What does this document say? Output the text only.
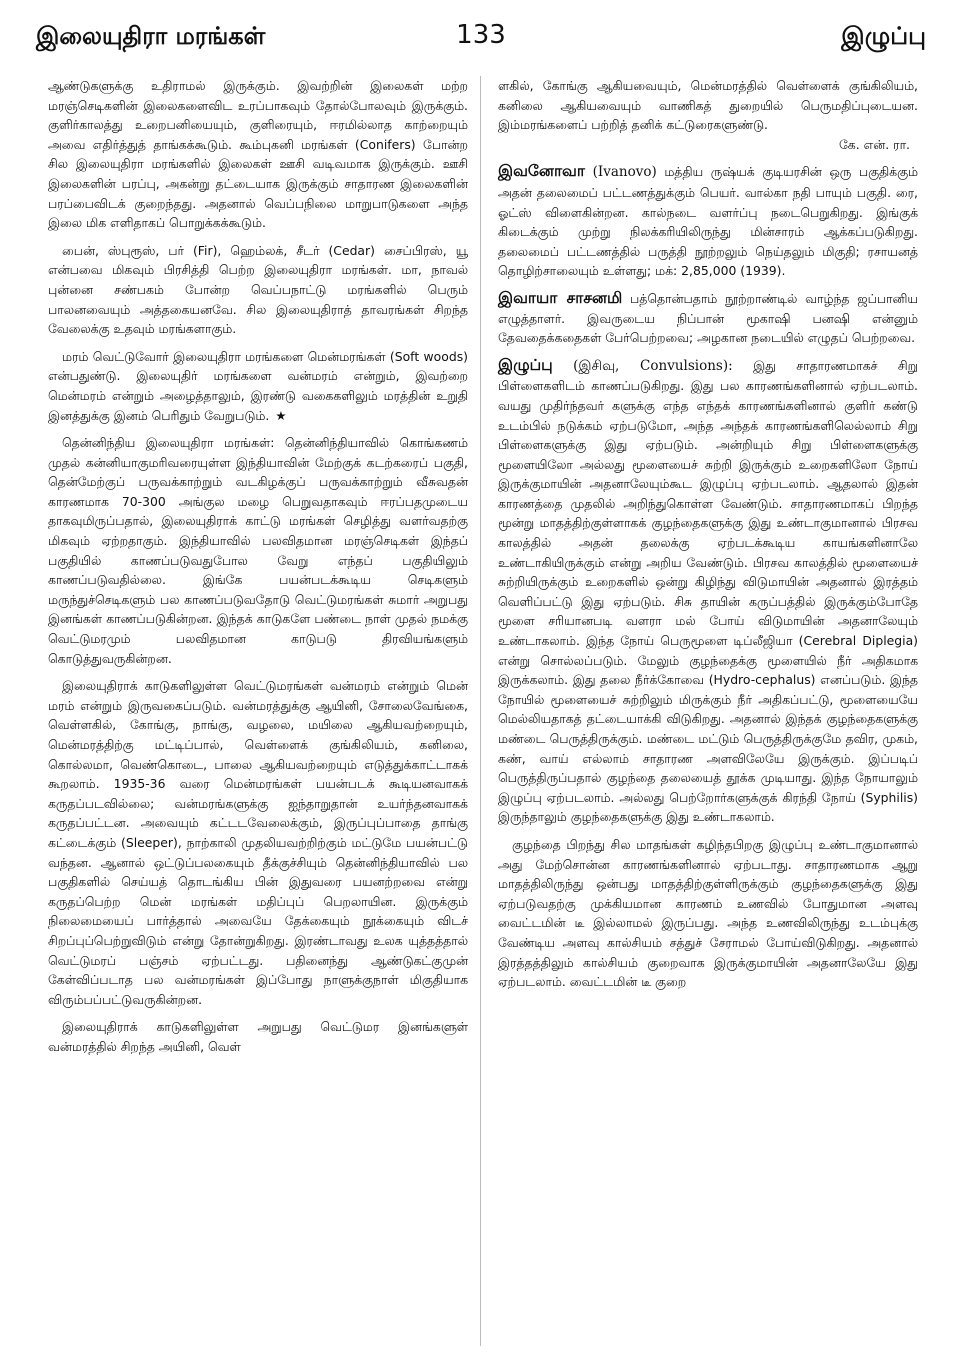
இலையுதிரா மரங்கள்	133	இழுப்பு

ஆண்டுகளுக்கு உதிராமல் இருக்கும். இவற்றின் இலைகள் மற்ற மரஞ்செடிகளின் இலைகளைவிட உரப்பாகவும் தோல்போலவும் இருக்கும். குளிர்காலத்து உறைபனியையும், குளிரையும், ஈரமில்லாத காற்றையும் அவை எதிர்த்துத் தாங்கக்கூடும். கூம்புகனி மரங்கள் (Conifers) போன்ற சில இலையுதிரா மரங்களில் இலைகள் ஊசி வடிவமாக இருக்கும். ஊசி இலைகளின் பரப்பு, அகன்று தட்டையாக இருக்கும் சாதாரண இலைகளின் பரப்பைவிடக் குறைந்தது. அதனால் வெப்பநிலை மாறுபாடுகளை அந்த இலை மிக எளிதாகப் பொறுக்கக்கூடும்.

பைன், ஸ்புரூஸ், பர் (Fir), ஹெம்லக், சீடர் (Cedar) சைப்பிரஸ், யூ என்பவை மிகவும் பிரசித்தி பெற்ற இலையுதிரா மரங்கள். மா, நாவல் புன்னை சண்பகம் போன்ற வெப்பநாட்டு மரங்களில் பெரும் பாலனவையும் அத்தகையனவே. சில இலையுதிராத் தாவரங்கள் சிறந்த வேலைக்கு உதவும் மரங்களாகும்.

மரம் வெட்டுவோர் இலையுதிரா மரங்களை மென்மரங்கள் (Soft woods) என்பதுண்டு. இலையுதிர் மரங்களை வன்மரம் என்றும், இவற்றை மென்மரம் என்றும் அழைத்தாலும், இரண்டு வகைகளிலும் மரத்தின் உறுதி இனத்துக்கு இனம் பெரிதும் வேறுபடும். ★

தென்னிந்திய இலையுதிரா மரங்கள்: தென்னிந்தியாவில் கொங்கணம் முதல் கன்னியாகுமரிவரையுள்ள இந்தியாவின் மேற்குக் கடற்கரைப் பகுதி, தென்மேற்குப் பருவக்காற்றும் வடகிழக்குப் பருவக்காற்றும் வீசுவதன் காரணமாக 70-300 அங்குல மழை பெறுவதாகவும் ஈரப்பதமுடைய தாகவுமிருப்பதால், இலையுதிராக் காட்டு மரங்கள் செழித்து வளர்வதற்கு மிகவும் ஏற்றதாகும். இந்தியாவில் பலவிதமான மரஞ்செடிகள் இந்தப் பகுதியில் காணப்படுவதுபோல வேறு எந்தப் பகுதியிலும் காணப்படுவதில்லை. இங்கே பயன்படக்கூடிய செடிகளும் மருந்துச்செடிகளும் பல காணப்படுவதோடு வெட்டுமரங்கள் சுமார் அறுபது இனங்கள் காணப்படுகின்றன. இந்தக் காடுகளே பண்டை நாள் முதல் நமக்கு வெட்டுமரமும் பலவிதமான காடுபடு திரவியங்களும் கொடுத்துவருகின்றன.

இலையுதிராக் காடுகளிலுள்ள வெட்டுமரங்கள் வன்மரம் என்றும் மென் மரம் என்றும் இருவகைப்படும். வன்மரத்துக்கு ஆயினி, சோலைவேங்கை, வெள்ளகில், கோங்கு, நாங்கு, வழலை, மயிலை ஆகியவற்றையும், மென்மரத்திற்கு மட்டிப்பால், வெள்ளைக் குங்கிலியம், கனிலை, கொல்லமா, வெண்கொடை, பாலை ஆகியவற்றையும் எடுத்துக்காட்டாகக் கூறலாம். 1935-36 வரை மென்மரங்கள் பயன்படக் கூடியனவாகக் கருதப்படவில்லை; வன்மரங்களுக்கு ஐந்தாறுதான் உயர்ந்தனவாகக் கருதப்பட்டன. அவையும் கட்டடவேலைக்கும், இருப்புப்பாதை தாங்கு கட்டைக்கும் (Sleeper), நாற்காலி முதலியவற்றிற்கும் மட்டுமே பயன்பட்டு வந்தன. ஆனால் ஒட்டுப்பலகையும் தீக்குச்சியும் தென்னிந்தியாவில் பல பகுதிகளில் செய்யத் தொடங்கிய பின் இதுவரை பயனற்றவை என்று கருதப்பெற்ற மென் மரங்கள் மதிப்புப் பெறலாயின. இருக்கும் நிலைமையைப் பார்த்தால் அவையே தேக்கையும் நூக்கையும் விடச் சிறப்புப்பெற்றுவிடும் என்று தோன்றுகிறது. இரண்டாவது உலக யுத்தத்தால் வெட்டுமரப் பஞ்சம் ஏற்பட்டது. பதினைந்து ஆண்டுகட்குமுன் கேள்விப்படாத பல வன்மரங்கள் இப்போது நாளுக்குநாள் மிகுதியாக விரும்பப்பட்டுவருகின்றன.

இலையுதிராக் காடுகளிலுள்ள அறுபது வெட்டுமர இனங்களுள் வன்மரத்தில் சிறந்த அயினி, வெள்

ளகில், கோங்கு ஆகியவையும், மென்மரத்தில் வெள்ளைக் குங்கிலியம், கனிலை ஆகியவையும் வாணிகத் துறையில் பெருமதிப்புடையன. இம்மரங்களைப் பற்றித் தனிக் கட்டுரைகளுண்டு.
கே. என். ரா.

இவனோவா (Ivanovo) மத்திய ருஷ்யக் குடியரசின் ஒரு பகுதிக்கும் அதன் தலைமைப் பட்டணத்துக்கும் பெயர். வால்கா நதி பாயும் பகுதி. ரை, ஓட்ஸ் விளைகின்றன. கால்நடை வளர்ப்பு நடைபெறுகிறது. இங்குக் கிடைக்கும் முற்று நிலக்கரியிலிருந்து மின்சாரம் ஆக்கப்படுகிறது. தலைமைப் பட்டணத்தில் பருத்தி நூற்றலும் நெய்தலும் மிகுதி; ரசாயனத் தொழிற்சாலையும் உள்ளது; மக்: 2,85,000 (1939).

இவாயா சாசனமி பத்தொன்பதாம் நூற்றாண்டில் வாழ்ந்த ஜப்பானிய எழுத்தாளர். இவருடைய நிப்பான் மூகாஷி பனஷி என்னும் தேவதைக்கதைகள் பேர்பெற்றவை; அழகான நடையில் எழுதப் பெற்றவை.

இழுப்பு (இசிவு, Convulsions): இது சாதாரணமாகச் சிறு பிள்ளைகளிடம் காணப்படுகிறது. இது பல காரணங்களினால் ஏற்படலாம். வயது முதிர்ந்தவர் களுக்கு எந்த எந்தக் காரணங்களினால் குளிர் கண்டு உடம்பில் நடுக்கம் ஏற்படுமோ, அந்த அந்தக் காரணங்களிலெல்லாம் சிறு பிள்ளைகளுக்கு இது ஏற்படும். அன்றியும் சிறு பிள்ளைகளுக்கு மூளையிலோ அல்லது மூளையைச் சுற்றி இருக்கும் உறைகளிலோ நோய் இருக்குமாயின் அதனாலேயும்கூட இழுப்பு ஏற்படலாம். ஆதலால் இதன் காரணத்தை முதலில் அறிந்துகொள்ள வேண்டும். சாதாரணமாகப் பிறந்த மூன்று மாதத்திற்குள்ளாகக் குழந்தைகளுக்கு இது உண்டாகுமானால் பிரசவ காலத்தில் அதன் தலைக்கு ஏற்படக்கூடிய காயங்களினாலே உண்டாகியிருக்கும் என்று அறிய வேண்டும். பிரசவ காலத்தில் மூளையைச் சுற்றியிருக்கும் உறைகளில் ஒன்று கிழிந்து விடுமாயின் அதனால் இரத்தம் வெளிப்பட்டு இது ஏற்படும். சிசு தாயின் கருப்பத்தில் இருக்கும்போதே மூளை சரியானபடி வளரா மல் போய் விடுமாயின் அதனாலேயும் உண்டாகலாம். இந்த நோய் பெருமூளை டிப்லீஜியா (Cerebral Diplegia) என்று சொல்லப்படும். மேலும் குழந்தைக்கு மூளையில் நீர் அதிகமாக இருக்கலாம். இது தலை நீர்க்கோவை (Hydro-cephalus) எனப்படும். இந்த நோயில் மூளையைச் சுற்றிலும் மிருக்கும் நீர் அதிகப்பட்டு, மூளையையே மெல்லியதாகத் தட்டையாக்கி விடுகிறது. அதனால் இந்தக் குழந்தைகளுக்கு மண்டை பெருத்திருக்கும். மண்டை மட்டும் பெருத்திருக்குமே தவிர, முகம், கண், வாய் எல்லாம் சாதாரண அளவிலேயே இருக்கும். இப்படிப் பெருத்திருப்பதால் குழந்தை தலையைத் தூக்க முடியாது. இந்த நோயாலும் இழுப்பு ஏற்படலாம். அல்லது பெற்றோர்களுக்குக் கிரந்தி நோய் (Syphilis) இருந்தாலும் குழந்தைகளுக்கு இது உண்டாகலாம்.

குழந்தை பிறந்து சில மாதங்கள் கழிந்தபிறகு இழுப்பு உண்டாகுமானால் அது மேற்சொன்ன காரணங்களினால் ஏற்படாது. சாதாரணமாக ஆறு மாதத்திலிருந்து ஒன்பது மாதத்திற்குள்ளிருக்கும் குழந்தைகளுக்கு இது ஏற்படுவதற்கு முக்கியமான காரணம் உணவில் போதுமான அளவு வைட்டமின் டீ இல்லாமல் இருப்பது. அந்த உணவிலிருந்து உடம்புக்கு வேண்டிய அளவு கால்சியம் சத்துச் சேராமல் போய்விடுகிறது. அதனால் இரத்தத்திலும் கால்சியம் குறைவாக இருக்குமாயின் அதனாலேயே இது ஏற்படலாம். வைட்டமின் டீ குறை
